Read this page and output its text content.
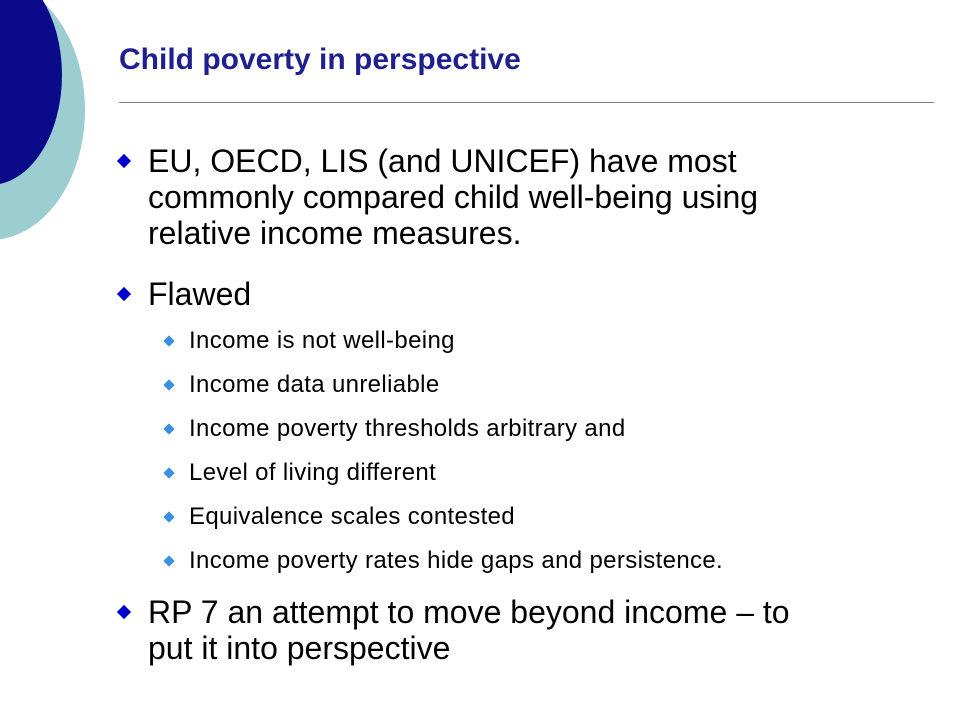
Child poverty in perspective
EU, OECD, LIS (and UNICEF) have most
commonly compared child well-being using
relative income measures.
Flawed
Income is not well-being
Income data unreliable
Income poverty thresholds arbitrary and
Level of living different
Equivalence scales contested
Income poverty rates hide gaps and persistence.
RP 7 an attempt to move beyond income – to
put it into perspective
